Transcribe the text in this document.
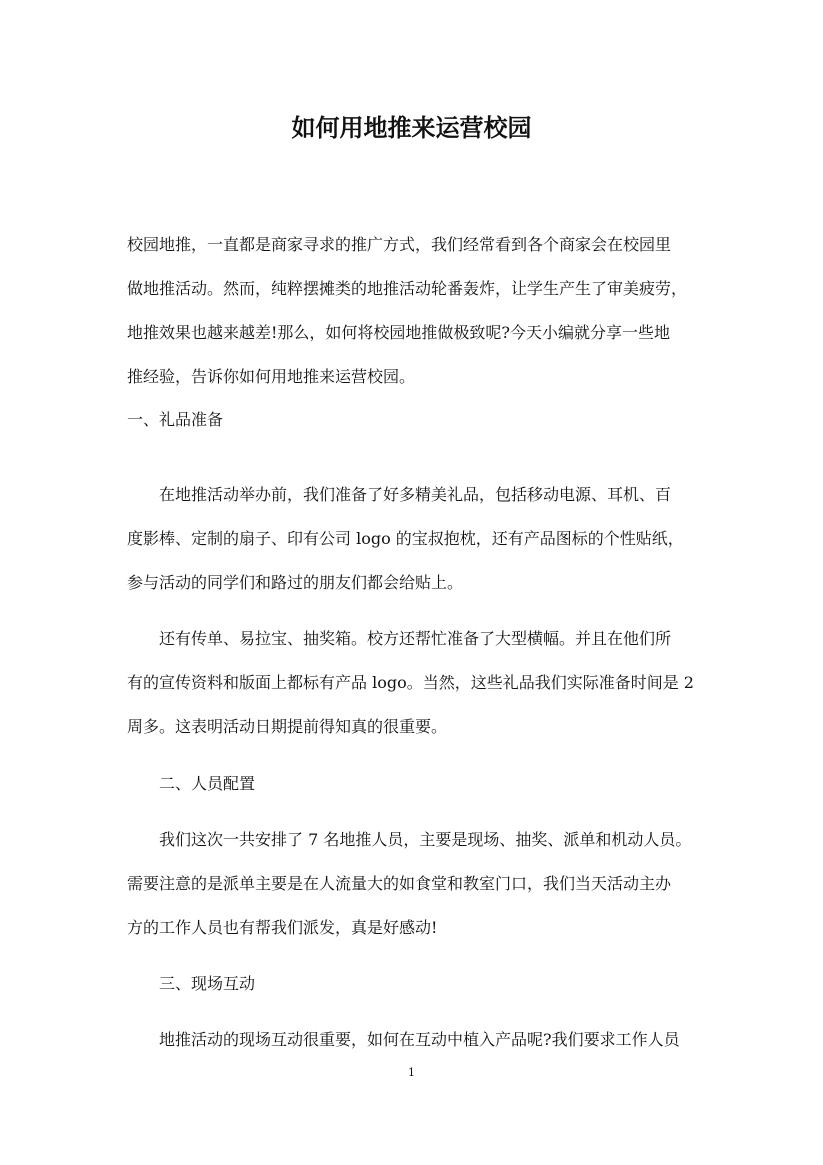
如何用地推来运营校园
校园地推，一直都是商家寻求的推广方式，我们经常看到各个商家会在校园里
做地推活动。然而，纯粹摆摊类的地推活动轮番轰炸，让学生产生了审美疲劳，
地推效果也越来越差!那么，如何将校园地推做极致呢?今天小编就分享一些地
推经验，告诉你如何用地推来运营校园。
一、礼品准备
在地推活动举办前，我们准备了好多精美礼品，包括移动电源、耳机、百
度影棒、定制的扇子、印有公司 logo 的宝叔抱枕，还有产品图标的个性贴纸，
参与活动的同学们和路过的朋友们都会给贴上。
还有传单、易拉宝、抽奖箱。校方还帮忙准备了大型横幅。并且在他们所
有的宣传资料和版面上都标有产品 logo。当然，这些礼品我们实际准备时间是 2
周多。这表明活动日期提前得知真的很重要。
二、人员配置
我们这次一共安排了 7 名地推人员，主要是现场、抽奖、派单和机动人员。
需要注意的是派单主要是在人流量大的如食堂和教室门口，我们当天活动主办
方的工作人员也有帮我们派发，真是好感动!
三、现场互动
地推活动的现场互动很重要，如何在互动中植入产品呢?我们要求工作人员
1
